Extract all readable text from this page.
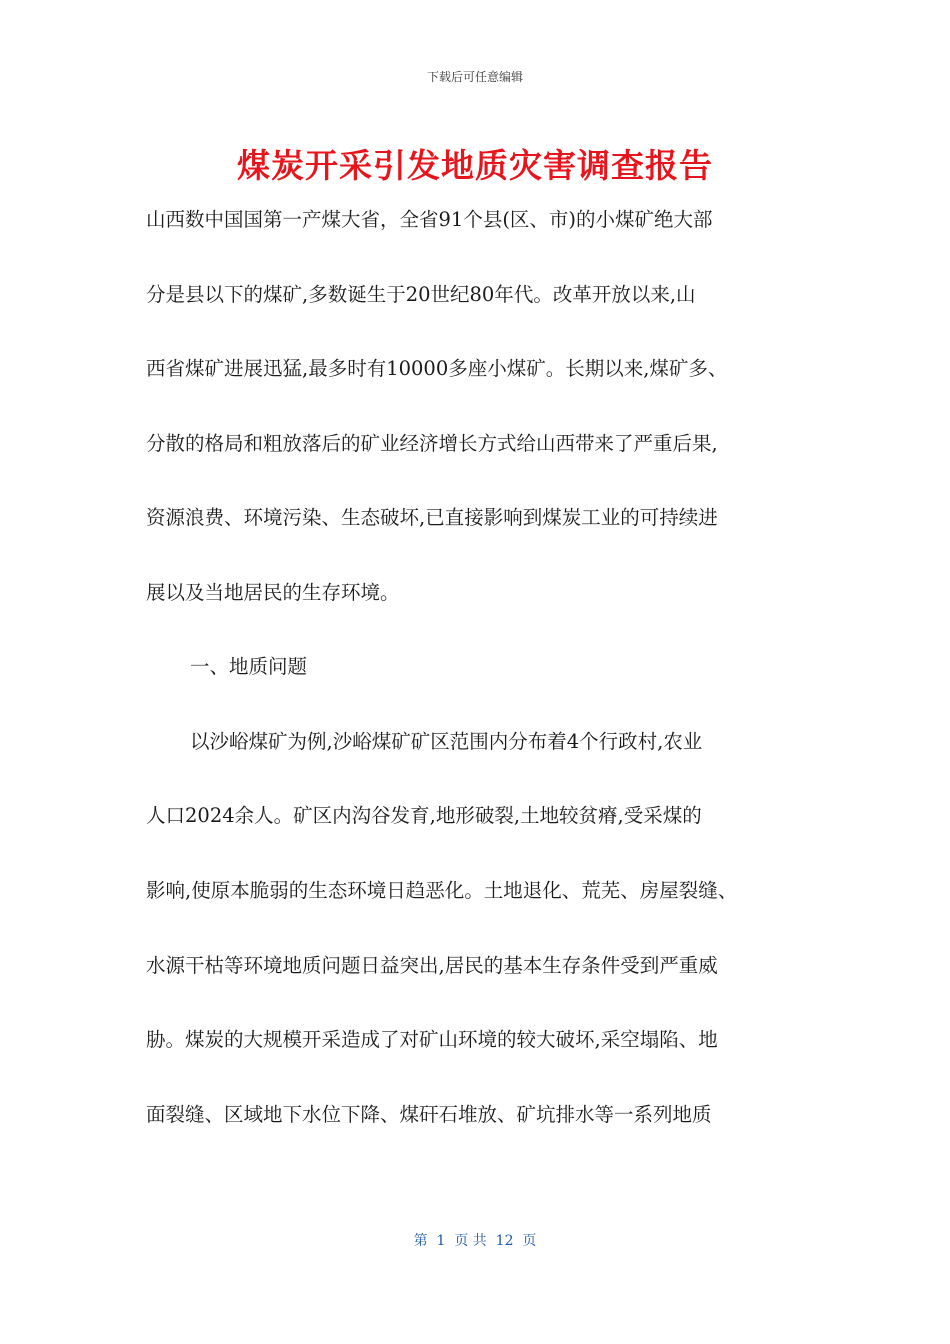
下载后可任意编辑
煤炭开采引发地质灾害调查报告
山西数中国国第一产煤大省，全省91个县(区、市)的小煤矿绝大部
分是县以下的煤矿,多数诞生于20世纪80年代。改革开放以来,山
西省煤矿进展迅猛,最多时有10000多座小煤矿。长期以来,煤矿多、
分散的格局和粗放落后的矿业经济增长方式给山西带来了严重后果,
资源浪费、环境污染、生态破坏,已直接影响到煤炭工业的可持续进
展以及当地居民的生存环境。
一、地质问题
以沙峪煤矿为例,沙峪煤矿矿区范围内分布着4个行政村,农业
人口2024余人。矿区内沟谷发育,地形破裂,土地较贫瘠,受采煤的
影响,使原本脆弱的生态环境日趋恶化。土地退化、荒芜、房屋裂缝、
水源干枯等环境地质问题日益突出,居民的基本生存条件受到严重威
胁。煤炭的大规模开采造成了对矿山环境的较大破坏,采空塌陷、地
面裂缝、区域地下水位下降、煤矸石堆放、矿坑排水等一系列地质
第  1  页 共  12  页
